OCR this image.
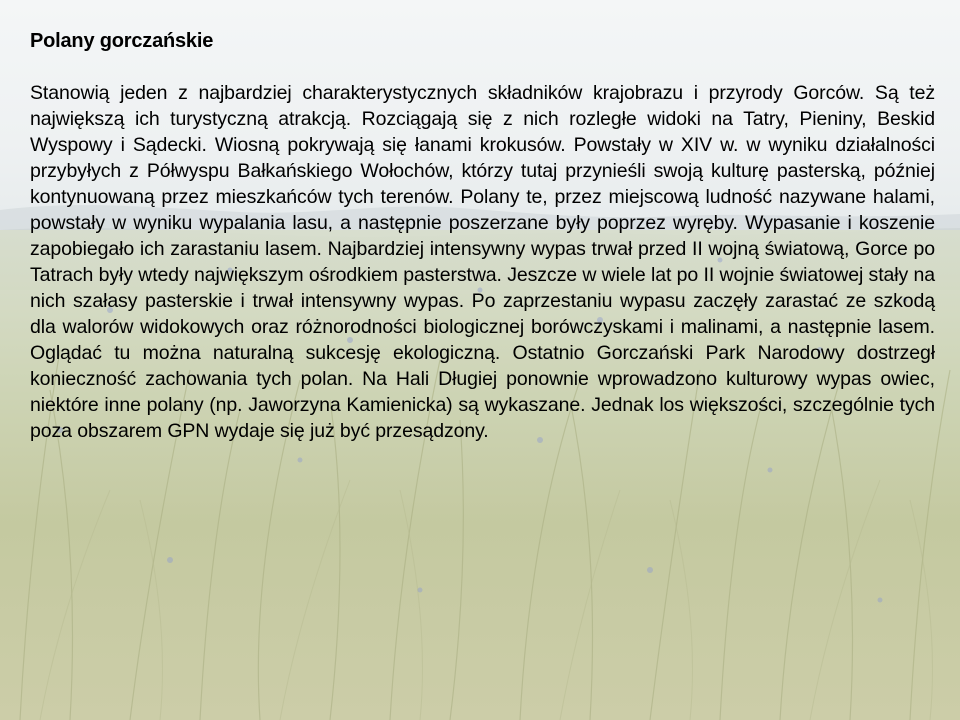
Polany gorczańskie

Stanowią jeden z najbardziej charakterystycznych składników krajobrazu i przyrody Gorców. Są też największą ich turystyczną atrakcją. Rozciągają się z nich rozległe widoki na Tatry, Pieniny, Beskid Wyspowy i Sądecki. Wiosną pokrywają się łanami krokusów. Powstały w XIV w. w wyniku działalności przybyłych z Półwyspu Bałkańskiego Wołochów, którzy tutaj przynieśli swoją kulturę pasterską, później kontynuowaną przez mieszkańców tych terenów. Polany te, przez miejscową ludność nazywane halami, powstały w wyniku wypalania lasu, a następnie poszerzane były poprzez wyręby. Wypasanie i koszenie zapobiegało ich zarastaniu lasem. Najbardziej intensywny wypas trwał przed II wojną światową, Gorce po Tatrach były wtedy największym ośrodkiem pasterstwa. Jeszcze w wiele lat po II wojnie światowej stały na nich szałasy pasterskie i trwał intensywny wypas. Po zaprzestaniu wypasu zaczęły zarastać ze szkodą dla walorów widokowych oraz różnorodności biologicznej borówczyskami i malinami, a następnie lasem. Oglądać tu można naturalną sukcesję ekologiczną. Ostatnio Gorczański Park Narodowy dostrzegł konieczność zachowania tych polan. Na Hali Długiej ponownie wprowadzono kulturowy wypas owiec, niektóre inne polany (np. Jaworzyna Kamienicka) są wykaszane. Jednak los większości, szczególnie tych poza obszarem GPN wydaje się już być przesądzony.
